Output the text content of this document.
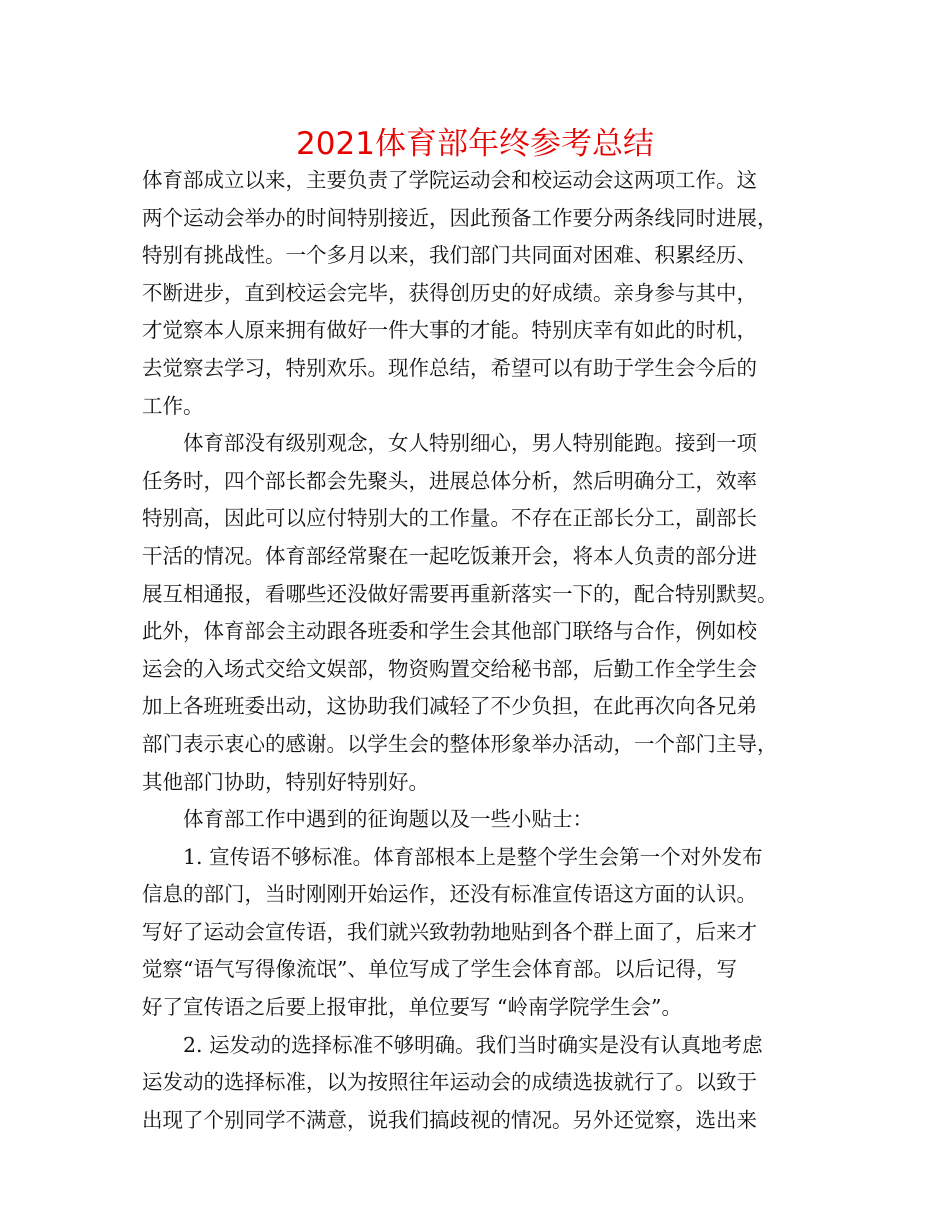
2021体育部年终参考总结
体育部成立以来，主要负责了学院运动会和校运动会这两项工作。这
两个运动会举办的时间特别接近，因此预备工作要分两条线同时进展，
特别有挑战性。一个多月以来，我们部门共同面对困难、积累经历、
不断进步，直到校运会完毕，获得创历史的好成绩。亲身参与其中，
才觉察本人原来拥有做好一件大事的才能。特别庆幸有如此的时机，
去觉察去学习，特别欢乐。现作总结，希望可以有助于学生会今后的
工作。
体育部没有级别观念，女人特别细心，男人特别能跑。接到一项
任务时，四个部长都会先聚头，进展总体分析，然后明确分工，效率
特别高，因此可以应付特别大的工作量。不存在正部长分工，副部长
干活的情况。体育部经常聚在一起吃饭兼开会，将本人负责的部分进
展互相通报，看哪些还没做好需要再重新落实一下的，配合特别默契。
此外，体育部会主动跟各班委和学生会其他部门联络与合作，例如校
运会的入场式交给文娱部，物资购置交给秘书部，后勤工作全学生会
加上各班班委出动，这协助我们减轻了不少负担，在此再次向各兄弟
部门表示衷心的感谢。以学生会的整体形象举办活动，一个部门主导，
其他部门协助，特别好特别好。
体育部工作中遇到的征询题以及一些小贴士：
1. 宣传语不够标准。体育部根本上是整个学生会第一个对外发布
信息的部门，当时刚刚开始运作，还没有标准宣传语这方面的认识。
写好了运动会宣传语，我们就兴致勃勃地贴到各个群上面了，后来才
觉察“语气写得像流氓”、单位写成了学生会体育部。以后记得，写
好了宣传语之后要上报审批，单位要写 “岭南学院学生会”。
2. 运发动的选择标准不够明确。我们当时确实是没有认真地考虑
运发动的选择标准，以为按照往年运动会的成绩选拔就行了。以致于
出现了个别同学不满意，说我们搞歧视的情况。另外还觉察，选出来
